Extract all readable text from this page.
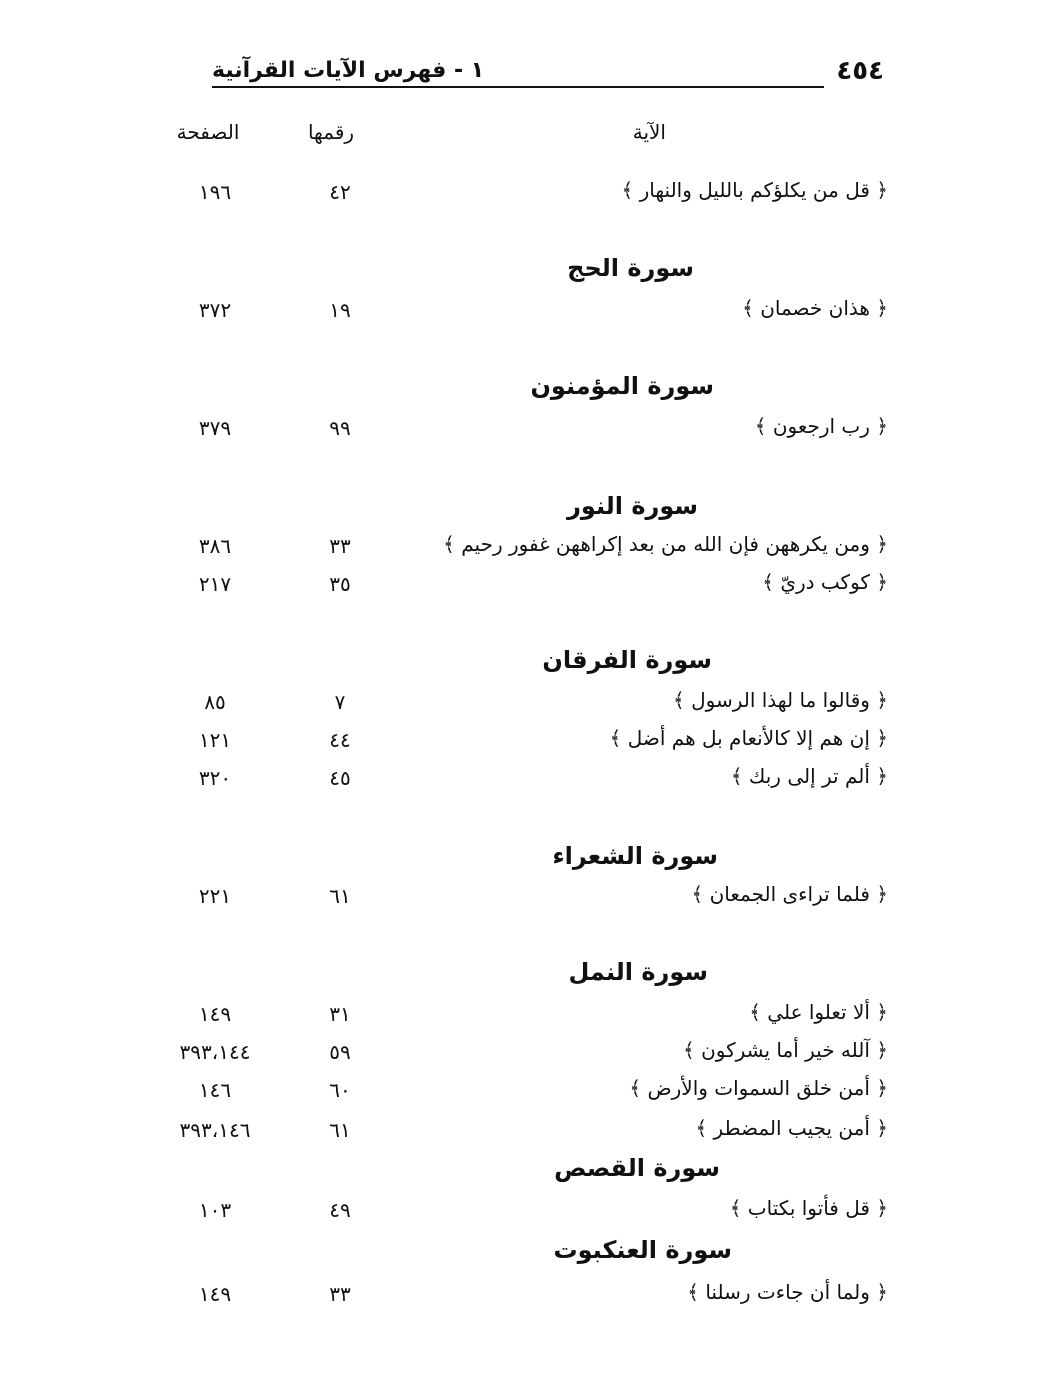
٤٥٤
١ - فهرس الآيات القرآنية
الآية
رقمها
الصفحة
﴿ قل من يكلؤكم بالليل والنهار ﴾
٤٢
١٩٦
سورة الحج
﴿ هذان خصمان ﴾
١٩
٣٧٢
سورة المؤمنون
﴿ رب ارجعون ﴾
٩٩
٣٧٩
سورة النور
﴿ ومن يكرههن فإن الله من بعد إكراههن غفور رحيم ﴾
٣٣
٣٨٦
﴿ كوكب دريّ ﴾
٣٥
٢١٧
سورة الفرقان
﴿ وقالوا ما لهذا الرسول ﴾
٧
٨٥
﴿ إن هم إلا كالأنعام بل هم أضل ﴾
٤٤
١٢١
﴿ ألم تر إلى ربك ﴾
٤٥
٣٢٠
سورة الشعراء
﴿ فلما تراءى الجمعان ﴾
٦١
٢٢١
سورة النمل
﴿ ألا تعلوا علي ﴾
٣١
١٤٩
﴿ آلله خير أما يشركون ﴾
٥٩
٣٩٣،١٤٤
﴿ أمن خلق السموات والأرض ﴾
٦٠
١٤٦
﴿ أمن يجيب المضطر ﴾
٦١
٣٩٣،١٤٦
سورة القصص
﴿ قل فأتوا بكتاب ﴾
٤٩
١٠٣
سورة العنكبوت
﴿ ولما أن جاءت رسلنا ﴾
٣٣
١٤٩
